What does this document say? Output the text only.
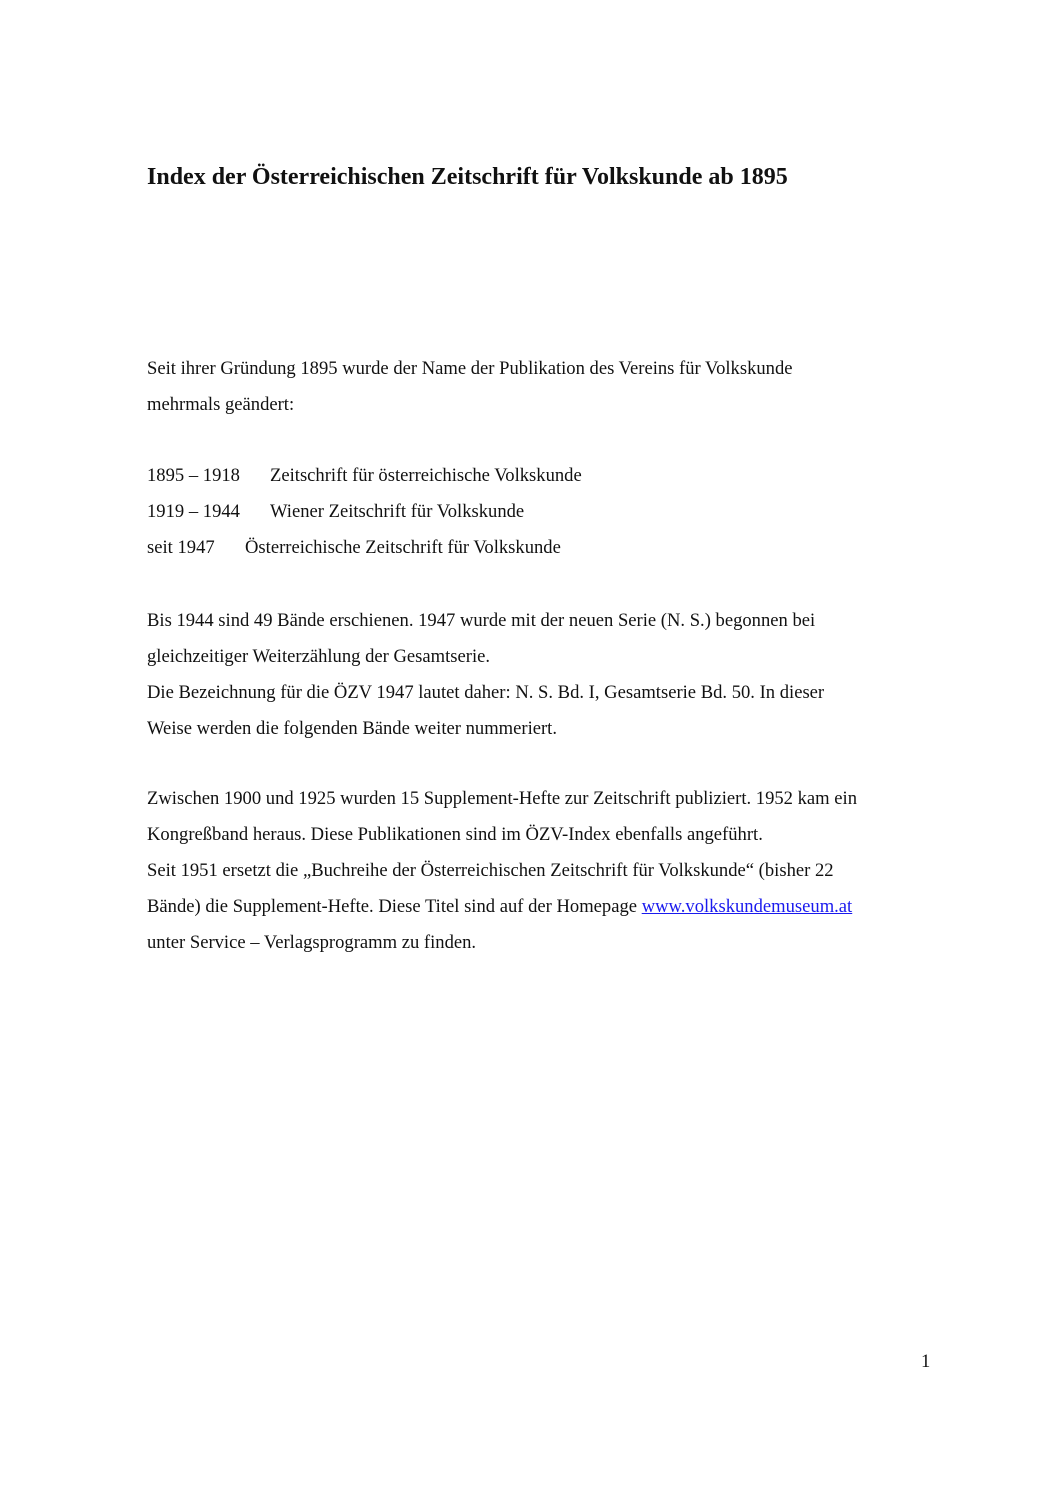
Index der Österreichischen Zeitschrift für Volkskunde ab 1895

Seit ihrer Gründung 1895 wurde der Name der Publikation des Vereins für Volkskunde

mehrmals geändert:

1895 – 1918	Zeitschrift für österreichische Volkskunde
1919 – 1944	Wiener Zeitschrift für Volkskunde
seit 1947	Österreichische Zeitschrift für Volkskunde

Bis 1944 sind 49 Bände erschienen. 1947 wurde mit der neuen Serie (N. S.) begonnen bei

gleichzeitiger Weiterzählung der Gesamtserie.

Die Bezeichnung für die ÖZV 1947 lautet daher: N. S. Bd. I, Gesamtserie Bd. 50. In dieser

Weise werden die folgenden Bände weiter nummeriert.

Zwischen 1900 und 1925 wurden 15 Supplement-Hefte zur Zeitschrift publiziert. 1952 kam ein

Kongreßband heraus. Diese Publikationen sind im ÖZV-Index ebenfalls angeführt.

Seit 1951 ersetzt die „Buchreihe der Österreichischen Zeitschrift für Volkskunde“ (bisher 22

Bände) die Supplement-Hefte. Diese Titel sind auf der Homepage www.volkskundemuseum.at

unter Service – Verlagsprogramm zu finden.

1
